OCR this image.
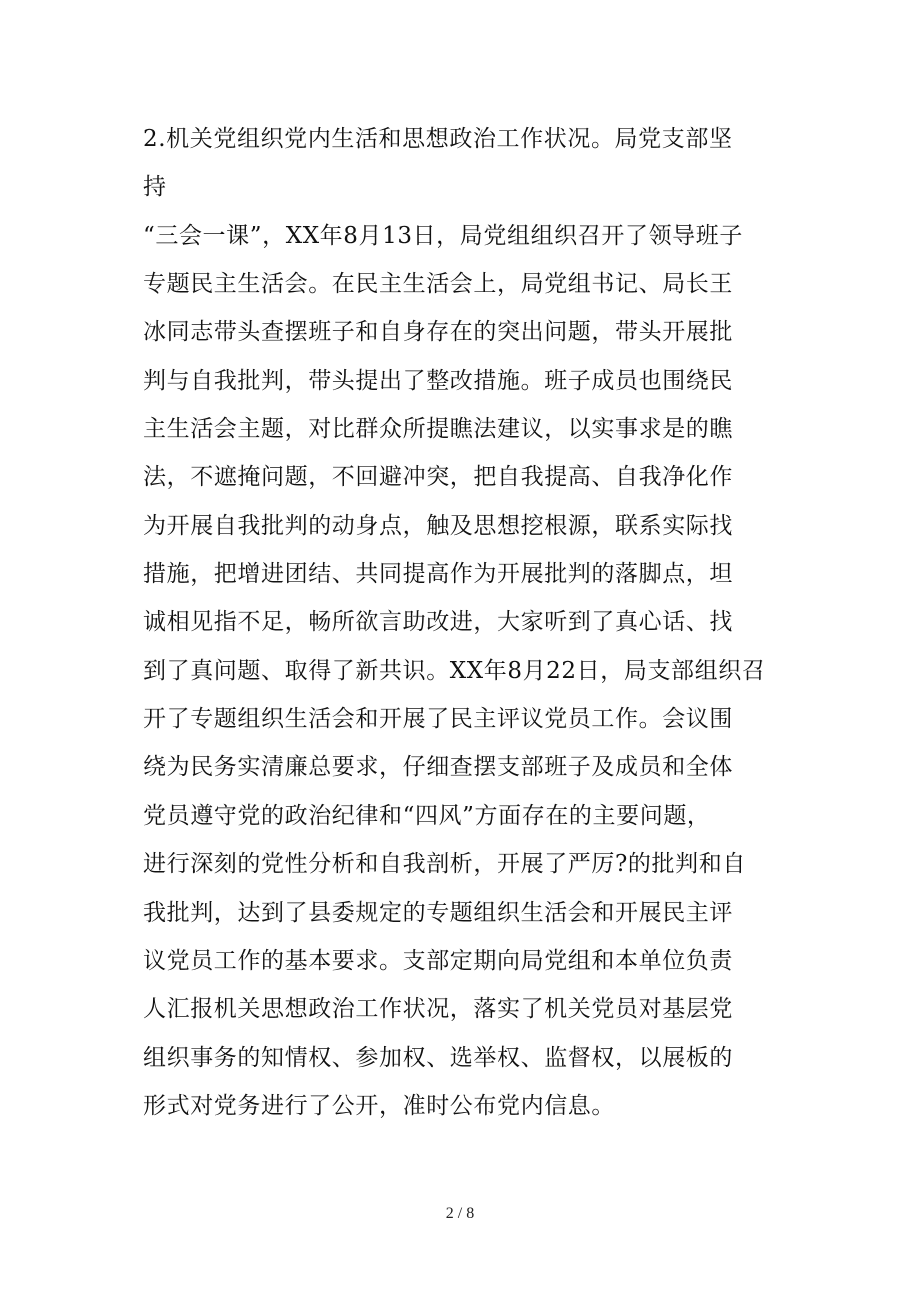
2.机关党组织党内生活和思想政治工作状况。局党支部坚
持
“三会一课”，XX年8月13日，局党组组织召开了领导班子
专题民主生活会。在民主生活会上，局党组书记、局长王
冰同志带头查摆班子和自身存在的突出问题，带头开展批
判与自我批判，带头提出了整改措施。班子成员也围绕民
主生活会主题，对比群众所提瞧法建议，以实事求是的瞧
法，不遮掩问题，不回避冲突，把自我提高、自我净化作
为开展自我批判的动身点，触及思想挖根源，联系实际找
措施，把增进团结、共同提高作为开展批判的落脚点，坦
诚相见指不足，畅所欲言助改进，大家听到了真心话、找
到了真问题、取得了新共识。XX年8月22日，局支部组织召
开了专题组织生活会和开展了民主评议党员工作。会议围
绕为民务实清廉总要求，仔细查摆支部班子及成员和全体
党员遵守党的政治纪律和“四风”方面存在的主要问题，
进行深刻的党性分析和自我剖析，开展了严厉?的批判和自
我批判，达到了县委规定的专题组织生活会和开展民主评
议党员工作的基本要求。支部定期向局党组和本单位负责
人汇报机关思想政治工作状况，落实了机关党员对基层党
组织事务的知情权、参加权、选举权、监督权，以展板的
形式对党务进行了公开，准时公布党内信息。
2 / 8
